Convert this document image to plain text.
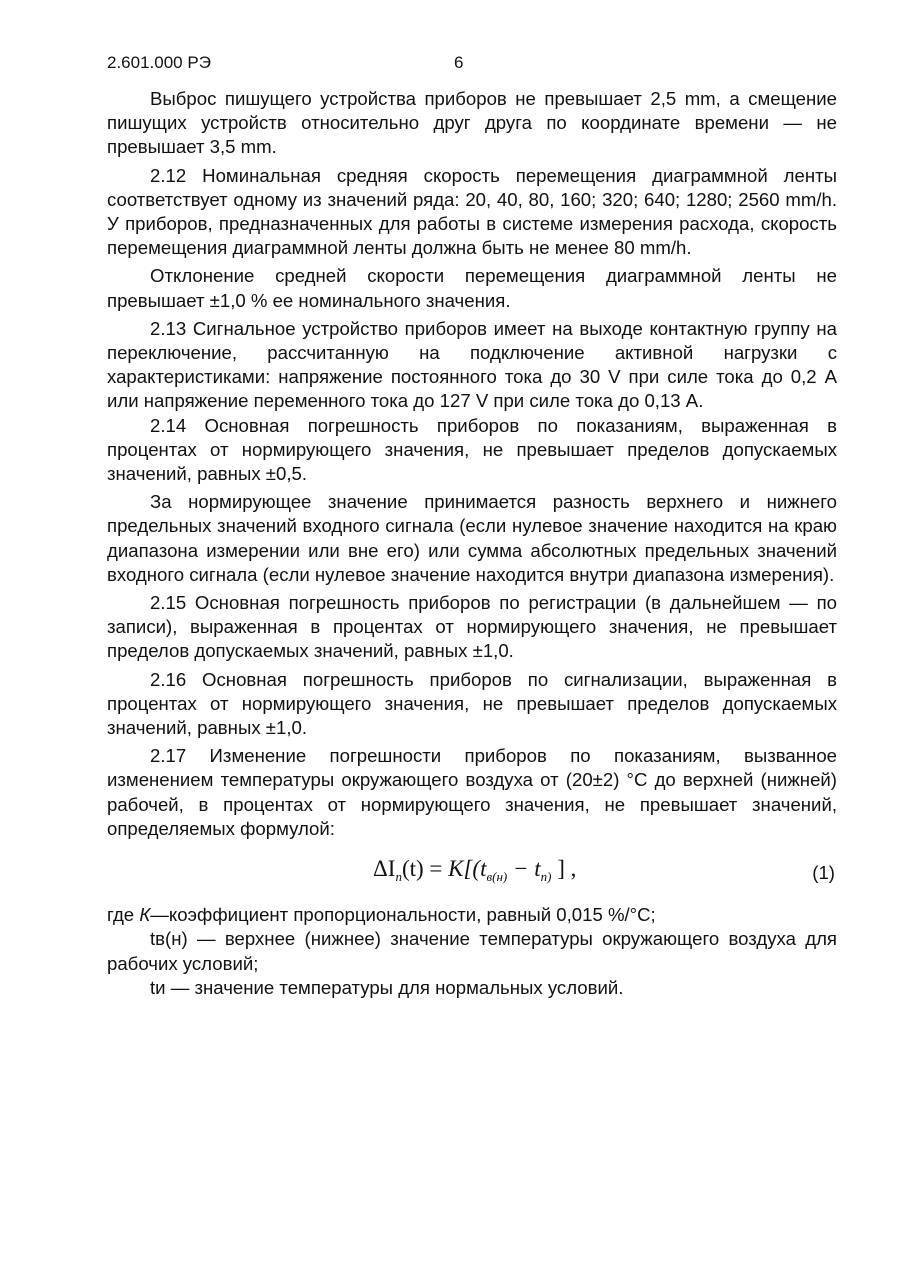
2.601.000 РЭ	6

Выброс пишущего устройства приборов не превышает 2,5 mm, а смещение пишущих устройств относительно друг друга по координате времени — не превышает 3,5 mm.

2.12 Номинальная средняя скорость перемещения диаграммной ленты соответствует одному из значений ряда: 20, 40, 80, 160; 320; 640; 1280; 2560 mm/h. У приборов, предназначенных для работы в системе измерения расхода, скорость перемещения диаграммной ленты должна быть не менее 80 mm/h.

Отклонение средней скорости перемещения диаграммной ленты не превышает ±1,0 % ее номинального значения.

2.13 Сигнальное устройство приборов имеет на выходе контактную группу на переключение, рассчитанную на подключение активной нагрузки с характеристиками: напряжение постоянного тока до 30 V при силе тока до 0,2 А или напряжение переменного тока до 127 V при силе тока до 0,13 А.

2.14 Основная погрешность приборов по показаниям, выраженная в процентах от нормирующего значения, не превышает пределов допускаемых значений, равных ±0,5.

За нормирующее значение принимается разность верхнего и нижнего предельных значений входного сигнала (если нулевое значение находится на краю диапазона измерении или вне его) или сумма абсолютных предельных значений входного сигнала (если нулевое значение находится внутри диапазона измерения).

2.15 Основная погрешность приборов по регистрации (в дальнейшем — по записи), выраженная в процентах от нормирующего значения, не превышает пределов допускаемых значений, равных ±1,0.

2.16 Основная погрешность приборов по сигнализации, выраженная в процентах от нормирующего значения, не превышает пределов допускаемых значений, равных ±1,0.

2.17 Изменение погрешности приборов по показаниям, вызванное изменением температуры окружающего воздуха от (20±2) °С до верхней (нижней) рабочей, в процентах от нормирующего значения, не превышает значений, определяемых формулой:

$\Delta I_п(t) = K[(t_{в(н)} - t_{п)}$ ] ,	(1)

где К—коэффициент пропорциональности, равный 0,015 %/°С;

tв(н) — верхнее (нижнее) значение температуры окружающего воздуха для рабочих условий;

tи — значение температуры для нормальных условий.
